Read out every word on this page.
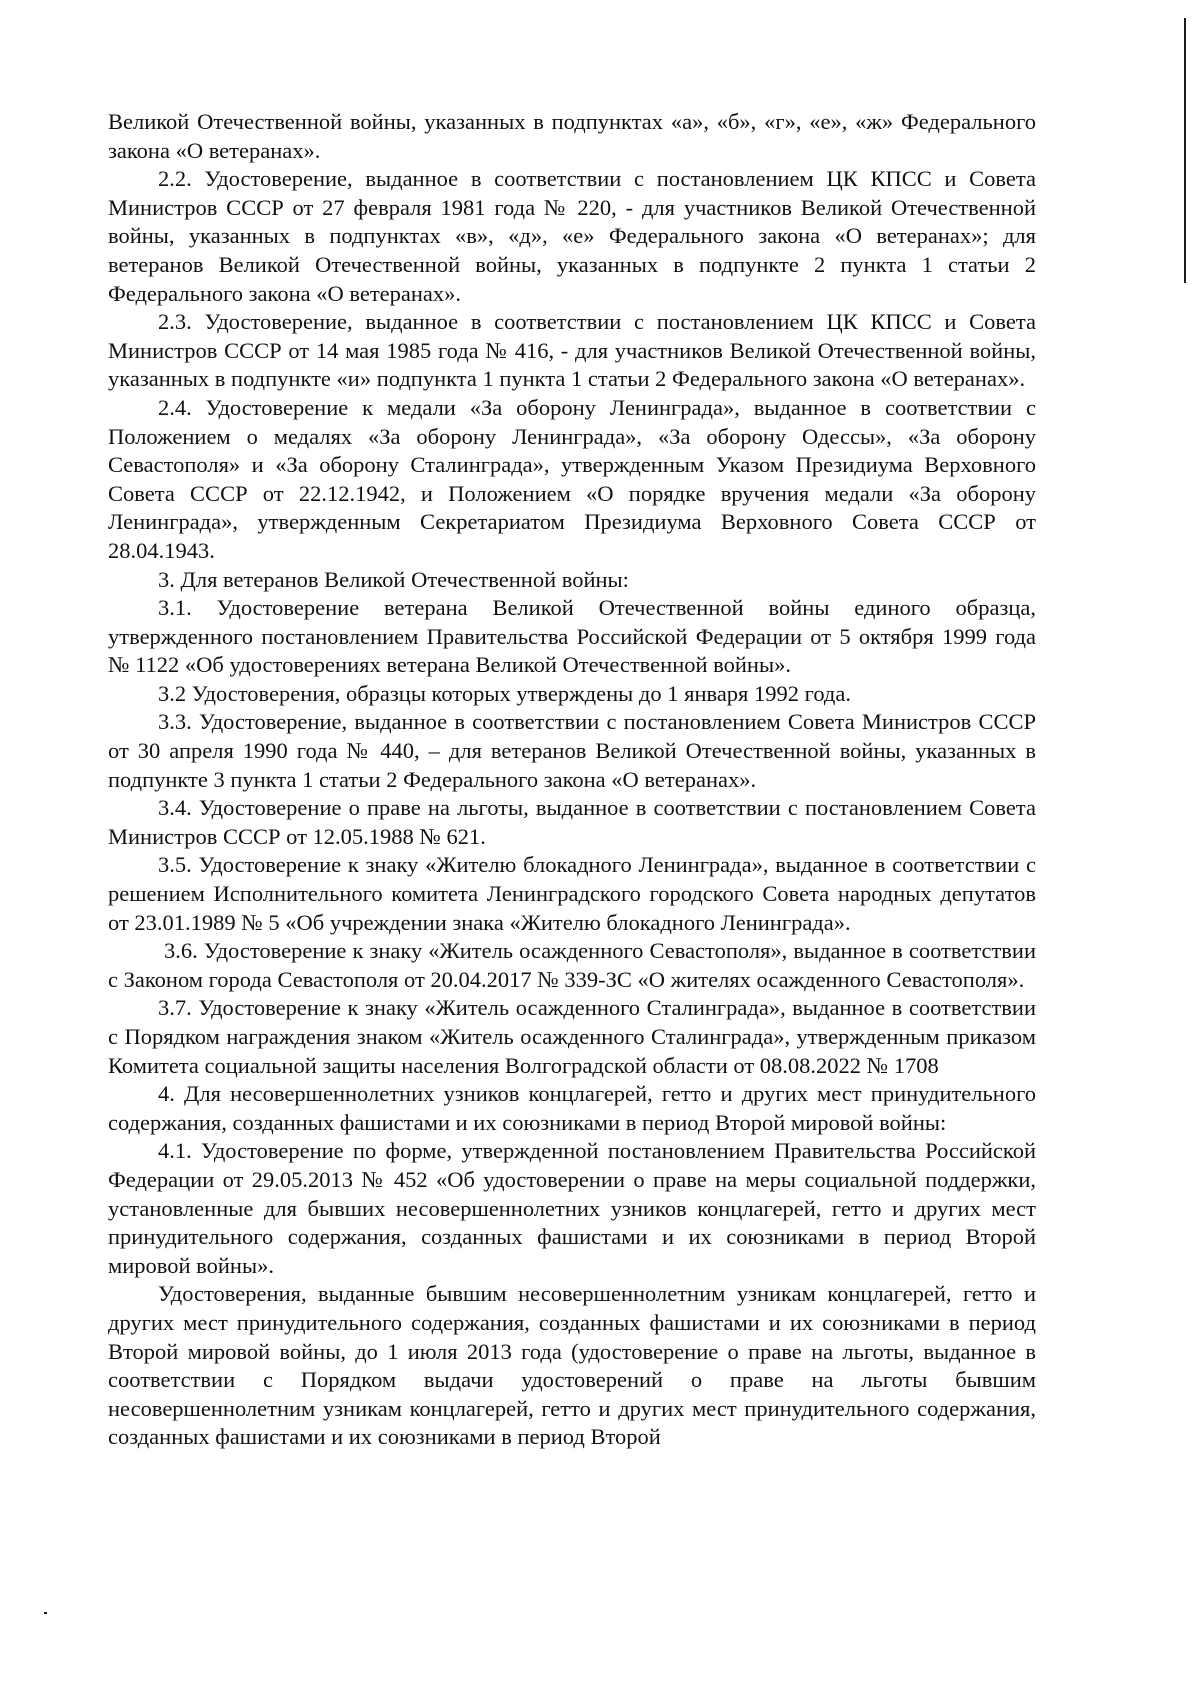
Великой Отечественной войны, указанных в подпунктах «а», «б», «г», «е», «ж» Федерального закона «О ветеранах».

2.2. Удостоверение, выданное в соответствии с постановлением ЦК КПСС и Совета Министров СССР от 27 февраля 1981 года № 220, - для участников Великой Отечественной войны, указанных в подпунктах «в», «д», «е» Федерального закона «О ветеранах»; для ветеранов Великой Отечественной войны, указанных в подпункте 2 пункта 1 статьи 2 Федерального закона «О ветеранах».

2.3. Удостоверение, выданное в соответствии с постановлением ЦК КПСС и Совета Министров СССР от 14 мая 1985 года № 416, - для участников Великой Отечественной войны, указанных в подпункте «и» подпункта 1 пункта 1 статьи 2 Федерального закона «О ветеранах».

2.4. Удостоверение к медали «За оборону Ленинграда», выданное в соответствии с Положением о медалях «За оборону Ленинграда», «За оборону Одессы», «За оборону Севастополя» и «За оборону Сталинграда», утвержденным Указом Президиума Верховного Совета СССР от 22.12.1942, и Положением «О порядке вручения медали «За оборону Ленинграда», утвержденным Секретариатом Президиума Верховного Совета СССР от 28.04.1943.

3. Для ветеранов Великой Отечественной войны:

3.1. Удостоверение ветерана Великой Отечественной войны единого образца, утвержденного постановлением Правительства Российской Федерации от 5 октября 1999 года № 1122 «Об удостоверениях ветерана Великой Отечественной войны».

3.2 Удостоверения, образцы которых утверждены до 1 января 1992 года.

3.3. Удостоверение, выданное в соответствии с постановлением Совета Министров СССР от 30 апреля 1990 года № 440, – для ветеранов Великой Отечественной войны, указанных в подпункте 3 пункта 1 статьи 2 Федерального закона «О ветеранах».

3.4. Удостоверение о праве на льготы, выданное в соответствии с постановлением Совета Министров СССР от 12.05.1988 № 621.

3.5. Удостоверение к знаку «Жителю блокадного Ленинграда», выданное в соответствии с решением Исполнительного комитета Ленинградского городского Совета народных депутатов от 23.01.1989 № 5 «Об учреждении знака «Жителю блокадного Ленинграда».

3.6. Удостоверение к знаку «Житель осажденного Севастополя», выданное в соответствии с Законом города Севастополя от 20.04.2017 № 339-ЗС «О жителях осажденного Севастополя».

3.7. Удостоверение к знаку «Житель осажденного Сталинграда», выданное в соответствии с Порядком награждения знаком «Житель осажденного Сталинграда», утвержденным приказом Комитета социальной защиты населения Волгоградской области от 08.08.2022 № 1708

4. Для несовершеннолетних узников концлагерей, гетто и других мест принудительного содержания, созданных фашистами и их союзниками в период Второй мировой войны:

4.1. Удостоверение по форме, утвержденной постановлением Правительства Российской Федерации от 29.05.2013 № 452 «Об удостоверении о праве на меры социальной поддержки, установленные для бывших несовершеннолетних узников концлагерей, гетто и других мест принудительного содержания, созданных фашистами и их союзниками в период Второй мировой войны».

Удостоверения, выданные бывшим несовершеннолетним узникам концлагерей, гетто и других мест принудительного содержания, созданных фашистами и их союзниками в период Второй мировой войны, до 1 июля 2013 года (удостоверение о праве на льготы, выданное в соответствии с Порядком выдачи удостоверений о праве на льготы бывшим несовершеннолетним узникам концлагерей, гетто и других мест принудительного содержания, созданных фашистами и их союзниками в период Второй
